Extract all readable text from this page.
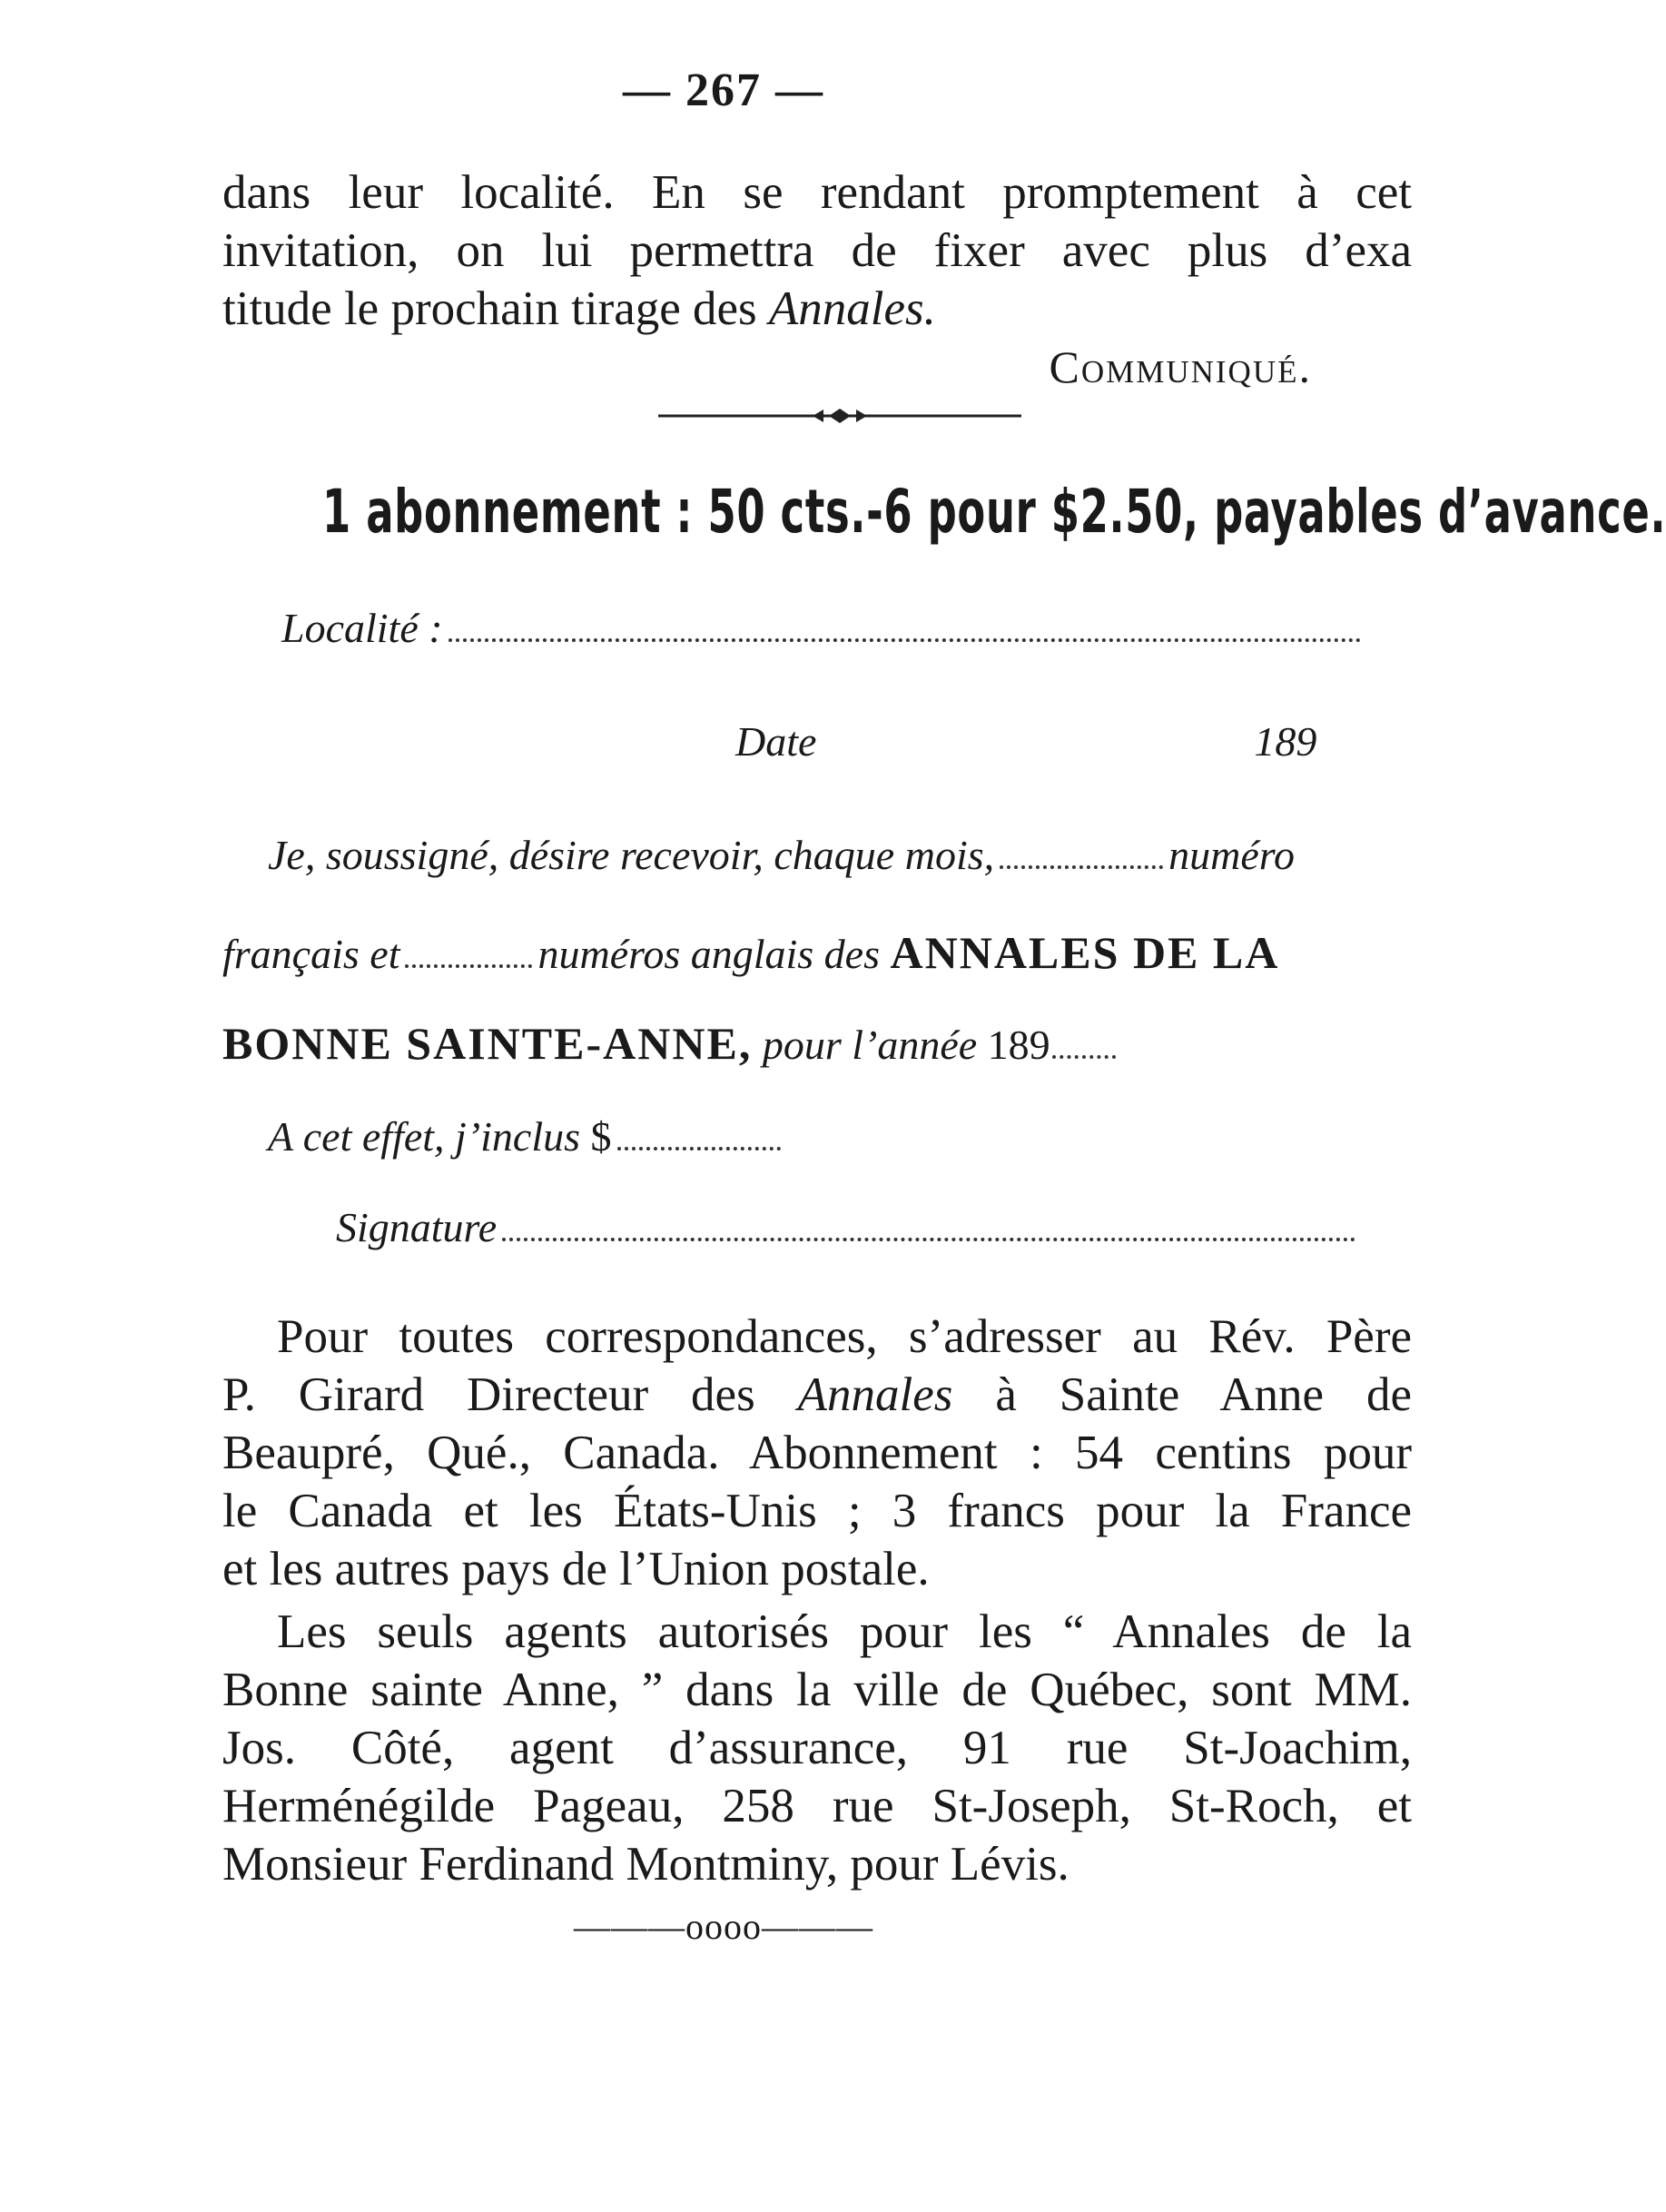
— 267 —

dans leur localité. En se rendant promptement à cet

invitation, on lui permettra de fixer avec plus d’exa

titude le prochain tirage des Annales.

Communiqué.

1 abonnement : 50 cts.-6 pour $2.50, payables d’avance.
Localité :
Date	189
Je, soussigné, désire recevoir, chaque mois,	numéro
français et	numéros anglais des ANNALES DE LA
BONNE SAINTE-ANNE, pour l’année 189
A cet effet, j’inclus $
Signature

Pour toutes correspondances, s’adresser au Rév. Père

P. Girard Directeur des Annales à Sainte Anne de

Beaupré, Qué., Canada. Abonnement : 54 centins pour

le Canada et les États-Unis ; 3 francs pour la France

et les autres pays de l’Union postale.

Les seuls agents autorisés pour les “ Annales de la

Bonne sainte Anne, ” dans la ville de Québec, sont MM.

Jos. Côté, agent d’assurance, 91 rue St-Joachim,

Herménégilde Pageau, 258 rue St-Joseph, St-Roch, et

Monsieur Ferdinand Montminy, pour Lévis.

———oooo———
